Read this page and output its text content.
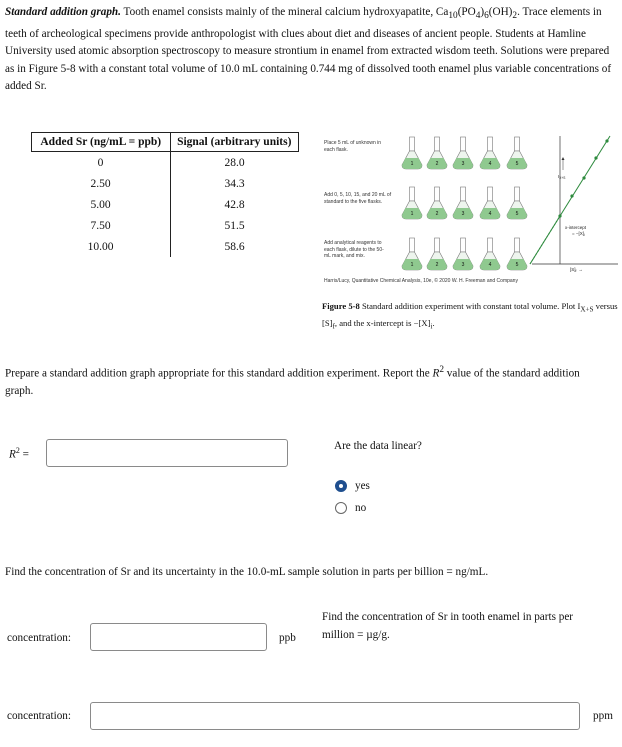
Standard addition graph. Tooth enamel consists mainly of the mineral calcium hydroxyapatite, $Ca_{10}(PO_4)_6(OH)_2$. Trace elements in teeth of archeological specimens provide anthropologist with clues about diet and diseases of ancient people. Students at Hamline University used atomic absorption spectroscopy to measure strontium in enamel from extracted wisdom teeth. Solutions were prepared as in Figure 5-8 with a constant total volume of 10.0 mL containing 0.744 mg of dissolved tooth enamel plus variable concentrations of added Sr.
Added Sr (ng/mL = ppb)	Signal (arbitrary units)
0	28.0
2.50	34.3
5.00	42.8
7.50	51.5
10.00	58.6
Place 5 mL of unknown in each flask.
Add 0, 5, 10, 15, and 20 mL of standard to the five flasks.
Add analytical reagents to each flask, dilute to the 50-mL mark, and mix.
1	2	3	4	5
1	2	3	4	5
1	2	3	4	5
$I_{X+S}$
x-intercept
= $-[X]_i$
$[S]_f$ →
Harris/Lucy, Quantitative Chemical Analysis, 10e, © 2020 W. H. Freeman and Company
Figure 5-8 Standard addition experiment with constant total volume. Plot $I_{X+S}$ versus $[S]_f$, and the x-intercept is $-[X]_i$.
Prepare a standard addition graph appropriate for this standard addition experiment. Report the $R^2$ value of the standard addition graph.
$R^2$ =
Are the data linear?
yes
no
Find the concentration of Sr and its uncertainty in the 10.0-mL sample solution in parts per billion = ng/mL.
concentration:	ppb
Find the concentration of Sr in tooth enamel in parts per million = µg/g.
concentration:	ppm
